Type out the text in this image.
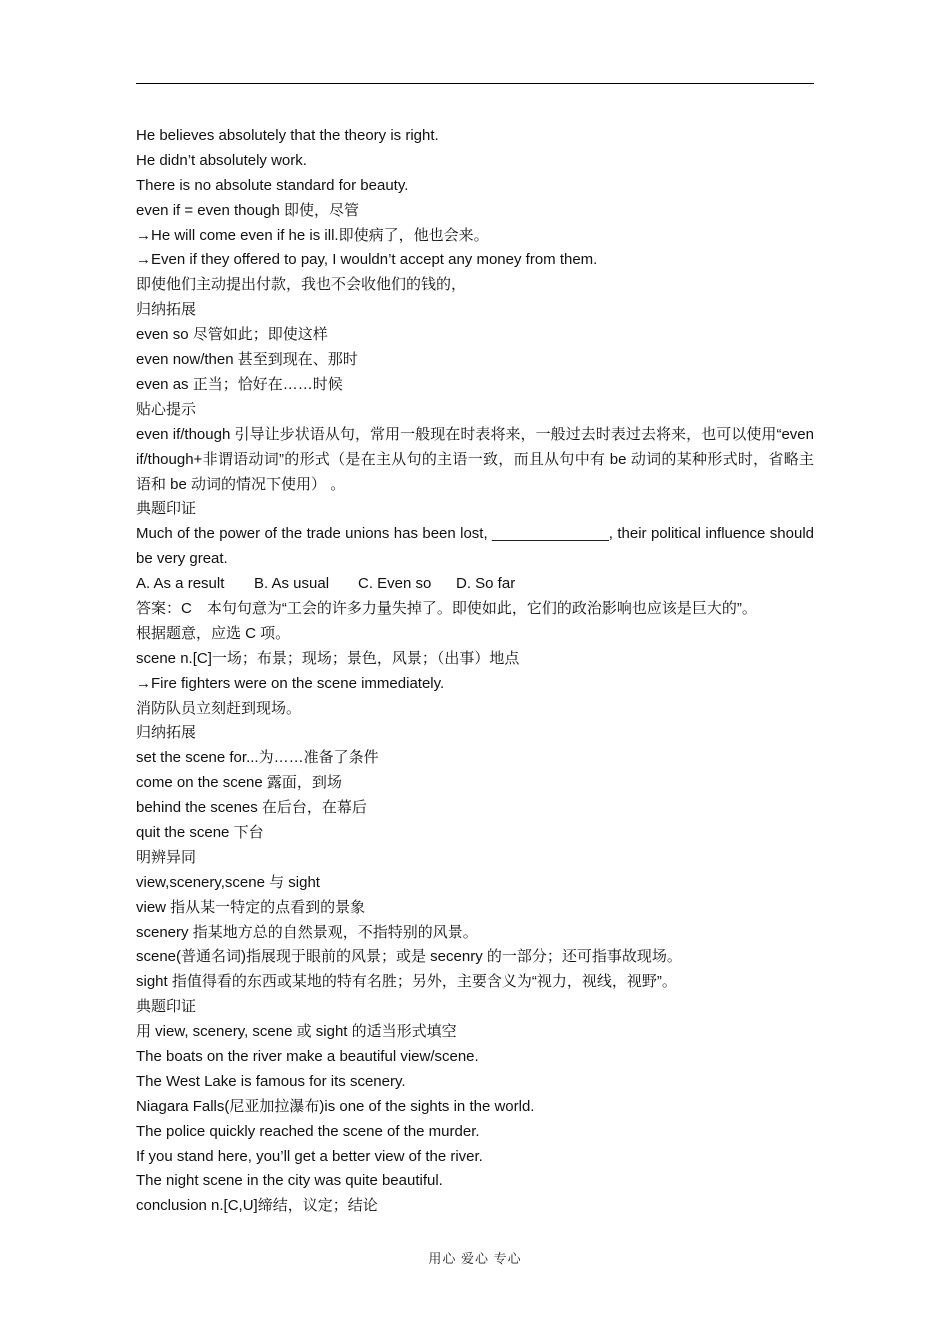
He believes absolutely that the theory is right.
He didn’t absolutely work.
There is no absolute standard for beauty.
even if = even though 即使，尽管
→He will come even if he is ill.即使病了，他也会来。
→Even if they offered to pay, I wouldn’t accept any money from them.
即使他们主动提出付款，我也不会收他们的钱的，
归纳拓展
even so 尽管如此；即使这样
even now/then 甚至到现在、那时
even as 正当；恰好在……时候
贴心提示
even if/though 引导让步状语从句，常用一般现在时表将来，一般过去时表过去将来，也可以使用“even if/though+非谓语动词”的形式（是在主从句的主语一致，而且从句中有 be 动词的某种形式时，省略主语和 be 动词的情况下使用） 。
典题印证
Much of the power of the trade unions has been lost, ______________, their political influence should be very great.
A. As a result B. As usual C. Even so D. So far
答案：C　本句句意为“工会的许多力量失掉了。即使如此，它们的政治影响也应该是巨大的”。
根据题意，应选 C 项。
scene n.[C]一场；布景；现场；景色，风景；（出事）地点
→Fire fighters were on the scene immediately.
消防队员立刻赶到现场。
归纳拓展
set the scene for...为……准备了条件
come on the scene 露面，到场
behind the scenes 在后台，在幕后
quit the scene 下台
明辨异同
view,scenery,scene 与 sight
view 指从某一特定的点看到的景象
scenery 指某地方总的自然景观，不指特别的风景。
scene(普通名词)指展现于眼前的风景；或是 secenry 的一部分；还可指事故现场。
sight 指值得看的东西或某地的特有名胜；另外，主要含义为“视力，视线，视野”。
典题印证
用 view, scenery, scene 或 sight 的适当形式填空
The boats on the river make a beautiful view/scene.
The West Lake is famous for its scenery.
Niagara Falls(尼亚加拉瀑布)is one of the sights in the world.
The police quickly reached the scene of the murder.
If you stand here, you’ll get a better view of the river.
The night scene in the city was quite beautiful.
conclusion n.[C,U]缔结，议定；结论
用心 爱心 专心
